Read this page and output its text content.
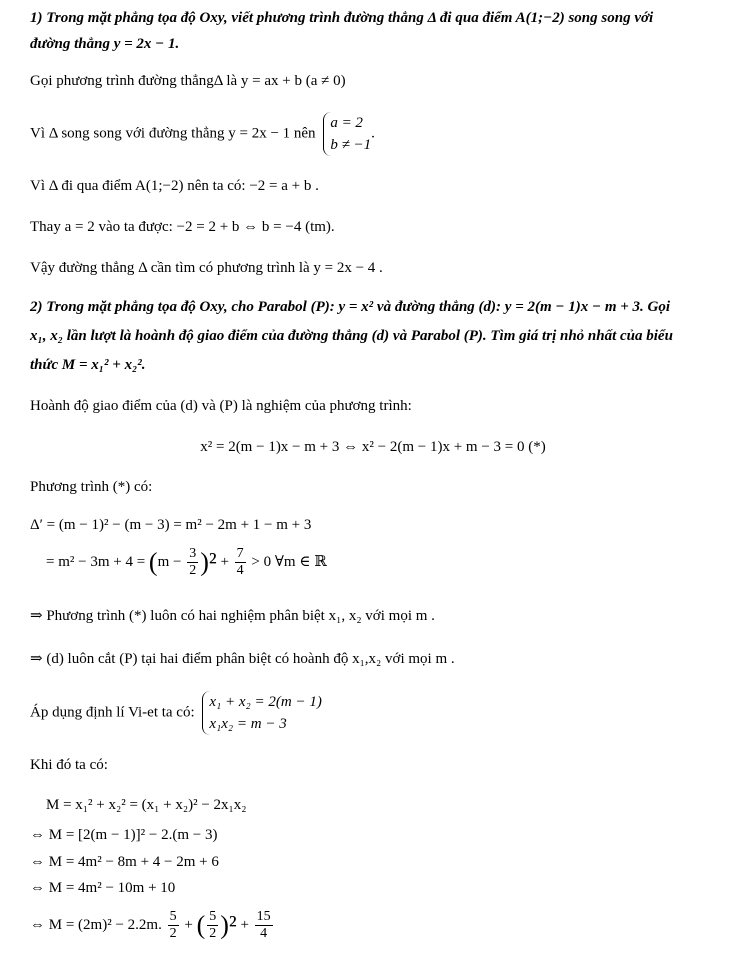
1) Trong mặt phẳng tọa độ Oxy, viết phương trình đường thẳng Δ đi qua điểm A(1;−2) song song với
đường thẳng y = 2x − 1.
Gọi phương trình đường thẳngΔ là y = ax + b (a ≠ 0)
Vì Δ song song với đường thẳng y = 2x − 1 nên
a = 2
b ≠ −1
.
Vì Δ đi qua điểm A(1;−2) nên ta có: −2 = a + b .
Thay a = 2 vào ta được: −2 = 2 + b ⇔ b = −4 (tm).
Vậy đường thẳng Δ cần tìm có phương trình là y = 2x − 4 .
2) Trong mặt phẳng tọa độ Oxy, cho Parabol (P): y = x² và đường thẳng (d): y = 2(m − 1)x − m + 3. Gọi
x₁, x₂ lần lượt là hoành độ giao điểm của đường thẳng (d) và Parabol (P). Tìm giá trị nhỏ nhất của biểu
thức M = x₁² + x₂².
Hoành độ giao điểm của (d) và (P) là nghiệm của phương trình:
x² = 2(m − 1)x − m + 3 ⇔ x² − 2(m − 1)x + m − 3 = 0 (*)
Phương trình (*) có:
Δ′ = (m − 1)² − (m − 3) = m² − 2m + 1 − m + 3
= $m^2 - 3m + 4 = (m - \frac{3}{2} )^2 + \frac{7}{4} > 0$ ∀m ∈ ℝ
⇒ Phương trình (*) luôn có hai nghiệm phân biệt x₁, x₂ với mọi m .
⇒ (d) luôn cắt (P) tại hai điểm phân biệt có hoành độ x₁,x₂ với mọi m .
Áp dụng định lí Vi-et ta có:
x₁ + x₂ = 2(m − 1)
x₁x₂ = m − 3
Khi đó ta có:
M = x₁² + x₂² = (x₁ + x₂)² − 2x₁x₂
⇔ M = [2(m − 1)]² − 2.(m − 3)
⇔ M = 4m² − 8m + 4 − 2m + 6
⇔ M = 4m² − 10m + 10
⇔ M = (2m)² − 2.2m. $\frac{5}{2}$ + ( $\frac{5}{2} )^2 + \frac{15}{4}$
